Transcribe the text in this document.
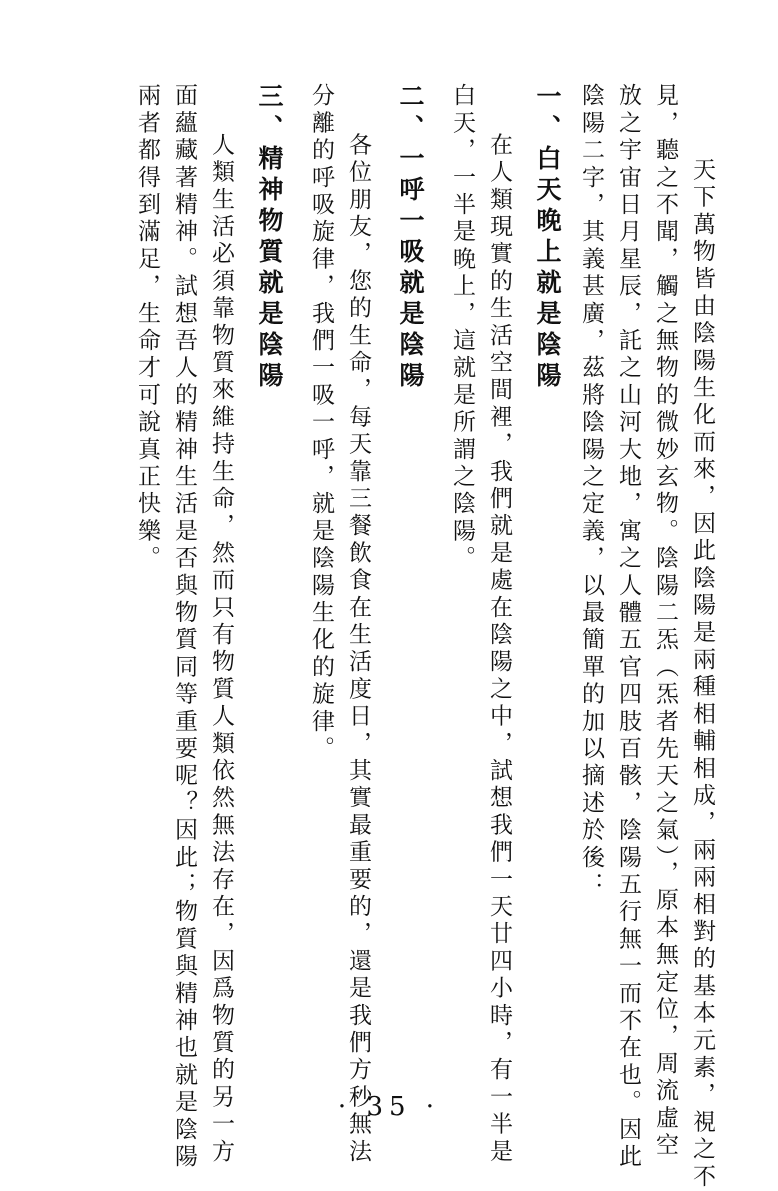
　天下萬物皆由陰陽生化而來，因此陰陽是兩種相輔相成，兩兩相對的基本元素，視之不
見，聽之不聞，觸之無物的微妙玄物。陰陽二炁（炁者先天之氣），原本無定位，周流虛空
放之宇宙日月星辰，託之山河大地，寓之人體五官四肢百骸，陰陽五行無一而不在也。因此
陰陽二字，其義甚廣，茲將陰陽之定義，以最簡單的加以摘述於後：
一、白天晚上就是陰陽
　在人類現實的生活空間裡，我們就是處在陰陽之中，試想我們一天廿四小時，有一半是
白天，一半是晚上，這就是所謂之陰陽。
二、一呼一吸就是陰陽
　各位朋友，您的生命，每天靠三餐飲食在生活度日，其實最重要的，還是我們方秒無法
分離的呼吸旋律，我們一吸一呼，就是陰陽生化的旋律。
三、精神物質就是陰陽
　人類生活必須靠物質來維持生命，然而只有物質人類依然無法存在，因爲物質的另一方
面蘊藏著精神。試想吾人的精神生活是否與物質同等重要呢？因此；物質與精神也就是陰陽
兩者都得到滿足，生命才可說真正快樂。
· 35 ·
